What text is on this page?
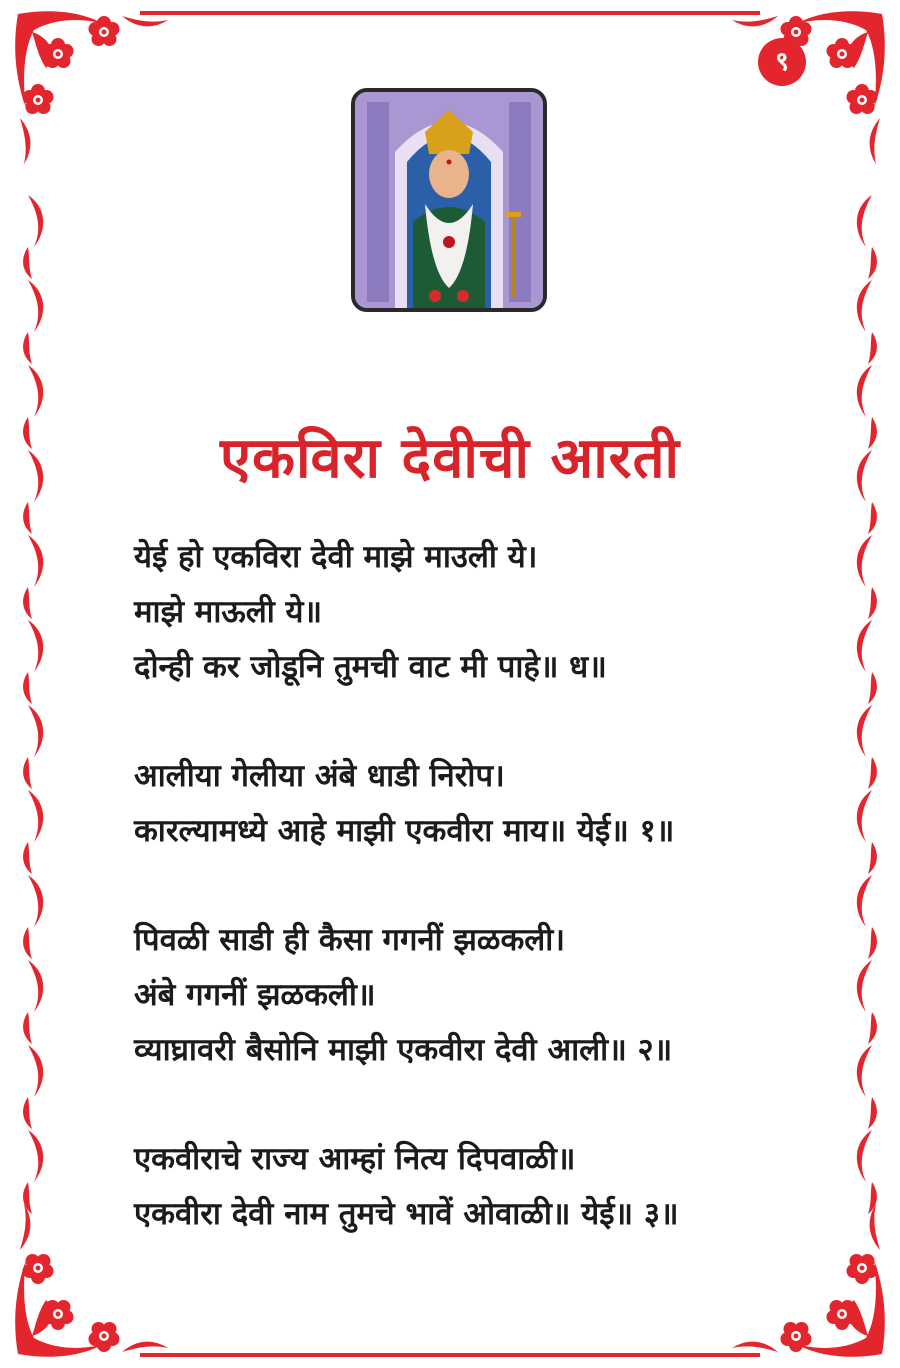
९
एकविरा देवीची आरती
येई हो एकविरा देवी माझे माउली ये।
माझे माऊली ये॥
दोन्ही कर जोडूनि तुमची वाट मी पाहे॥ ध॥
आलीया गेलीया अंबे धाडी निरोप।
कारल्यामध्ये आहे माझी एकवीरा माय॥ येई॥ १॥
पिवळी साडी ही कैसा गगनीं झळकली।
अंबे गगनीं झळकली॥
व्याघ्रावरी बैसोनि माझी एकवीरा देवी आली॥ २॥
एकवीराचे राज्य आम्हां नित्य दिपवाळी॥
एकवीरा देवी नाम तुमचे भावें ओवाळी॥ येई॥ ३॥
